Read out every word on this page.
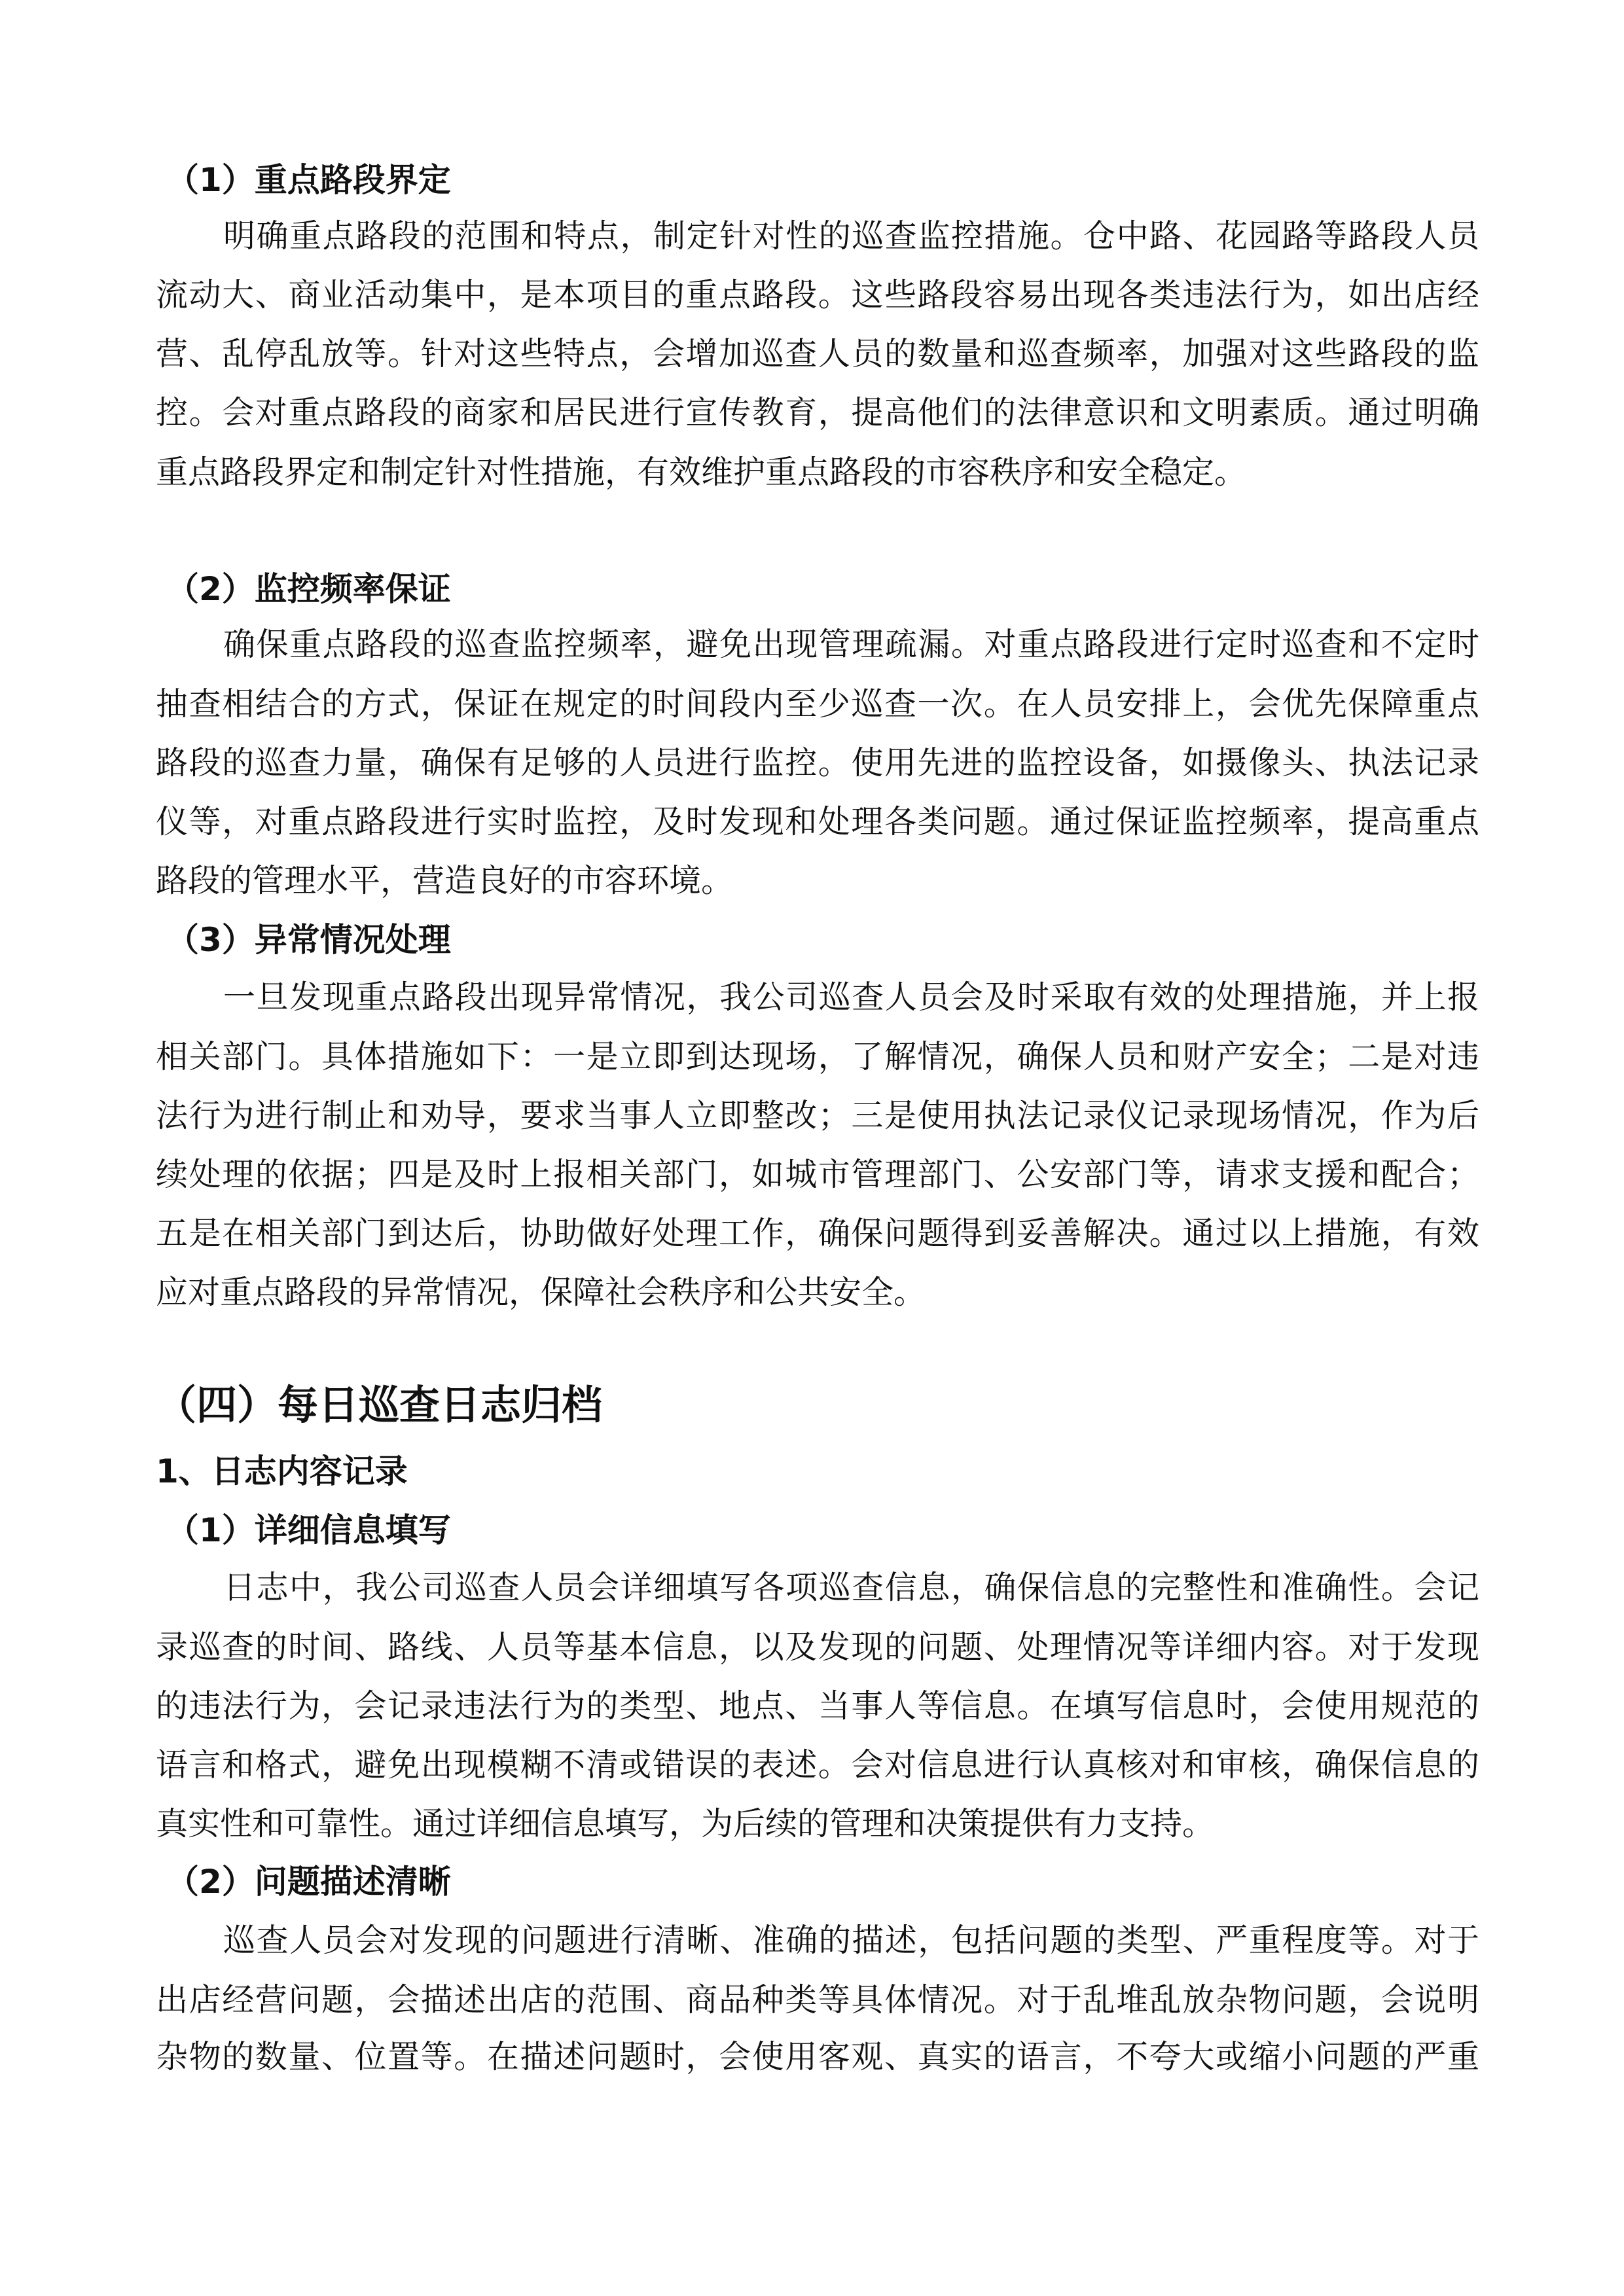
（1）重点路段界定
明确重点路段的范围和特点，制定针对性的巡查监控措施。仓中路、花园路等路段人员
流动大、商业活动集中，是本项目的重点路段。这些路段容易出现各类违法行为，如出店经
营、乱停乱放等。针对这些特点，会增加巡查人员的数量和巡查频率，加强对这些路段的监
控。会对重点路段的商家和居民进行宣传教育，提高他们的法律意识和文明素质。通过明确
重点路段界定和制定针对性措施，有效维护重点路段的市容秩序和安全稳定。
（2）监控频率保证
确保重点路段的巡查监控频率，避免出现管理疏漏。对重点路段进行定时巡查和不定时
抽查相结合的方式，保证在规定的时间段内至少巡查一次。在人员安排上，会优先保障重点
路段的巡查力量，确保有足够的人员进行监控。使用先进的监控设备，如摄像头、执法记录
仪等，对重点路段进行实时监控，及时发现和处理各类问题。通过保证监控频率，提高重点
路段的管理水平，营造良好的市容环境。
（3）异常情况处理
一旦发现重点路段出现异常情况，我公司巡查人员会及时采取有效的处理措施，并上报
相关部门。具体措施如下：一是立即到达现场，了解情况，确保人员和财产安全；二是对违
法行为进行制止和劝导，要求当事人立即整改；三是使用执法记录仪记录现场情况，作为后
续处理的依据；四是及时上报相关部门，如城市管理部门、公安部门等，请求支援和配合；
五是在相关部门到达后，协助做好处理工作，确保问题得到妥善解决。通过以上措施，有效
应对重点路段的异常情况，保障社会秩序和公共安全。
（四）每日巡查日志归档
1、日志内容记录
（1）详细信息填写
日志中，我公司巡查人员会详细填写各项巡查信息，确保信息的完整性和准确性。会记
录巡查的时间、路线、人员等基本信息，以及发现的问题、处理情况等详细内容。对于发现
的违法行为，会记录违法行为的类型、地点、当事人等信息。在填写信息时，会使用规范的
语言和格式，避免出现模糊不清或错误的表述。会对信息进行认真核对和审核，确保信息的
真实性和可靠性。通过详细信息填写，为后续的管理和决策提供有力支持。
（2）问题描述清晰
巡查人员会对发现的问题进行清晰、准确的描述，包括问题的类型、严重程度等。对于
出店经营问题，会描述出店的范围、商品种类等具体情况。对于乱堆乱放杂物问题，会说明
杂物的数量、位置等。在描述问题时，会使用客观、真实的语言，不夸大或缩小问题的严重
